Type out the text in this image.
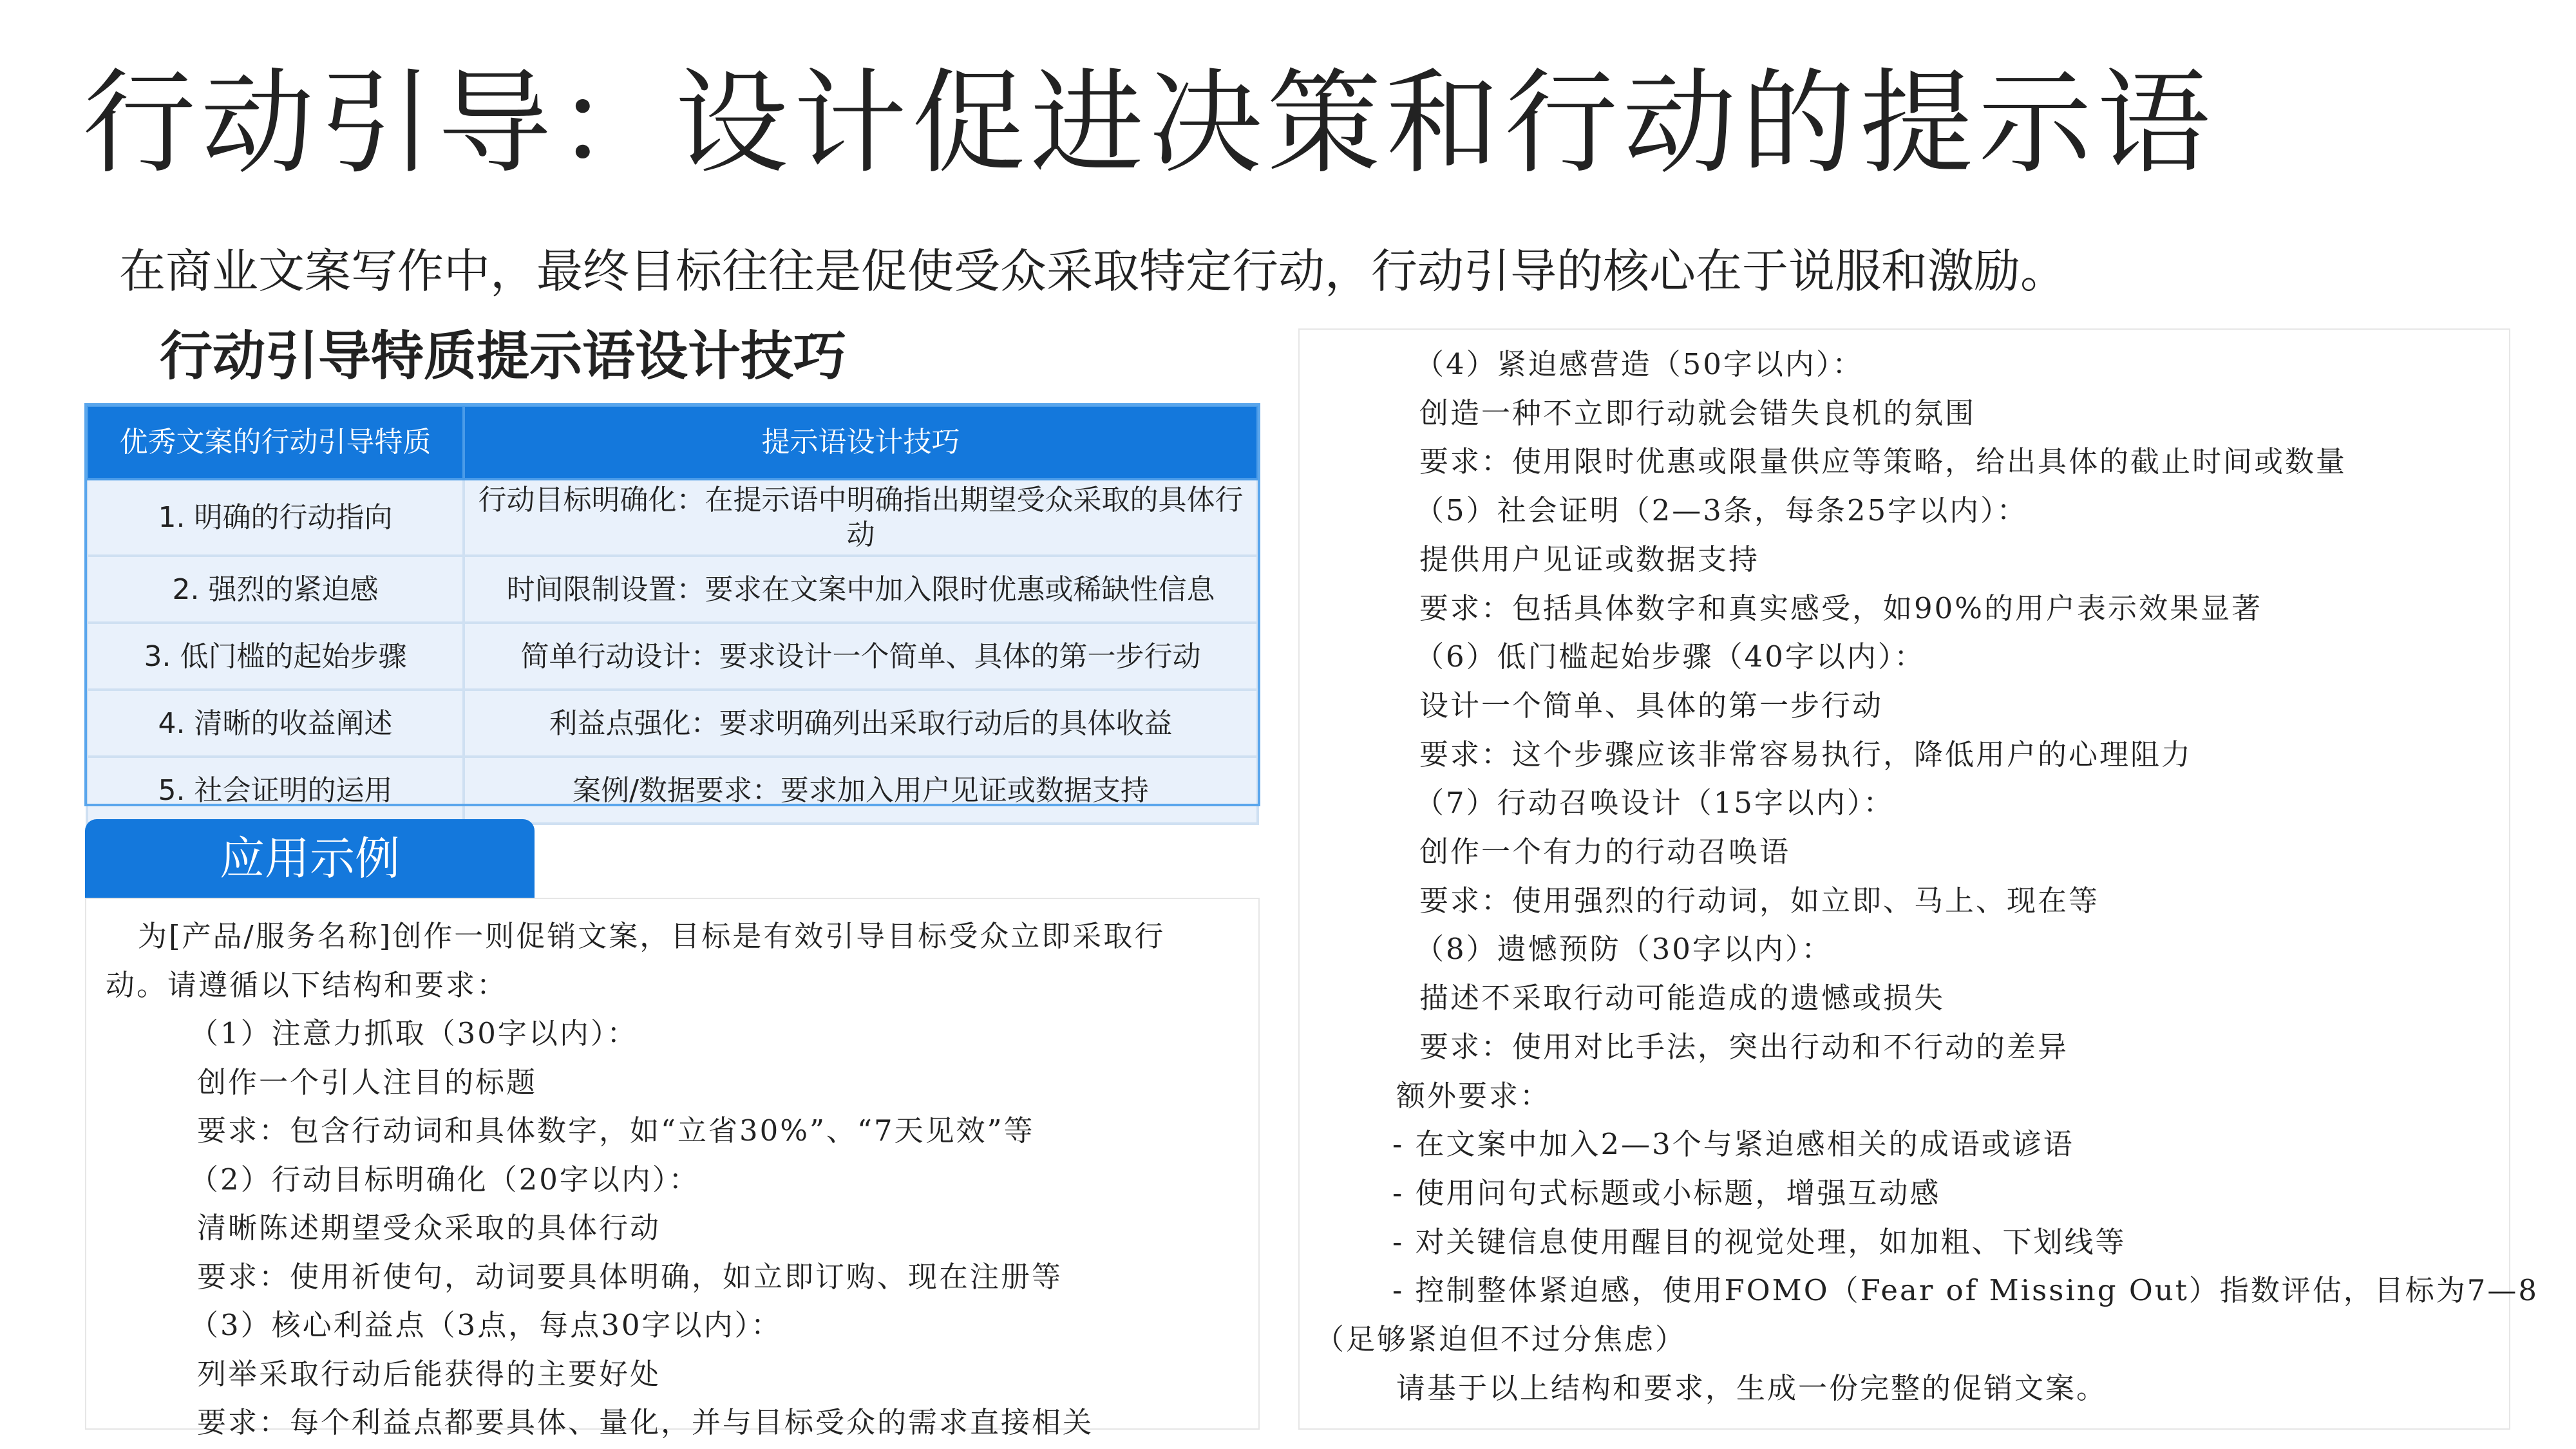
行动引导：设计促进决策和行动的提示语
在商业文案写作中，最终目标往往是促使受众采取特定行动，行动引导的核心在于说服和激励。
行动引导特质提示语设计技巧
优秀文案的行动引导特质	提示语设计技巧
1. 明确的行动指向	行动目标明确化：在提示语中明确指出期望受众采取的具体行动
2. 强烈的紧迫感	时间限制设置：要求在文案中加入限时优惠或稀缺性信息
3. 低门槛的起始步骤	简单行动设计：要求设计一个简单、具体的第一步行动
4. 清晰的收益阐述	利益点强化：要求明确列出采取行动后的具体收益
5. 社会证明的运用	案例/数据要求：要求加入用户见证或数据支持
应用示例
为[产品/服务名称]创作一则促销文案，目标是有效引导目标受众立即采取行
动。请遵循以下结构和要求：
（1）注意力抓取（30字以内）：
创作一个引人注目的标题
要求：包含行动词和具体数字，如“立省30%”、“7天见效”等
（2）行动目标明确化（20字以内）：
清晰陈述期望受众采取的具体行动
要求：使用祈使句，动词要具体明确，如立即订购、现在注册等
（3）核心利益点（3点，每点30字以内）：
列举采取行动后能获得的主要好处
要求：每个利益点都要具体、量化，并与目标受众的需求直接相关
（4）紧迫感营造（50字以内）：
创造一种不立即行动就会错失良机的氛围
要求：使用限时优惠或限量供应等策略，给出具体的截止时间或数量
（5）社会证明（2—3条，每条25字以内）：
提供用户见证或数据支持
要求：包括具体数字和真实感受，如90%的用户表示效果显著
（6）低门槛起始步骤（40字以内）：
设计一个简单、具体的第一步行动
要求：这个步骤应该非常容易执行，降低用户的心理阻力
（7）行动召唤设计（15字以内）：
创作一个有力的行动召唤语
要求：使用强烈的行动词，如立即、马上、现在等
（8）遗憾预防（30字以内）：
描述不采取行动可能造成的遗憾或损失
要求：使用对比手法，突出行动和不行动的差异
额外要求：
- 在文案中加入2—3个与紧迫感相关的成语或谚语
- 使用问句式标题或小标题，增强互动感
- 对关键信息使用醒目的视觉处理，如加粗、下划线等
- 控制整体紧迫感，使用FOMO（Fear of Missing Out）指数评估，目标为7—8
（足够紧迫但不过分焦虑）
请基于以上结构和要求，生成一份完整的促销文案。
